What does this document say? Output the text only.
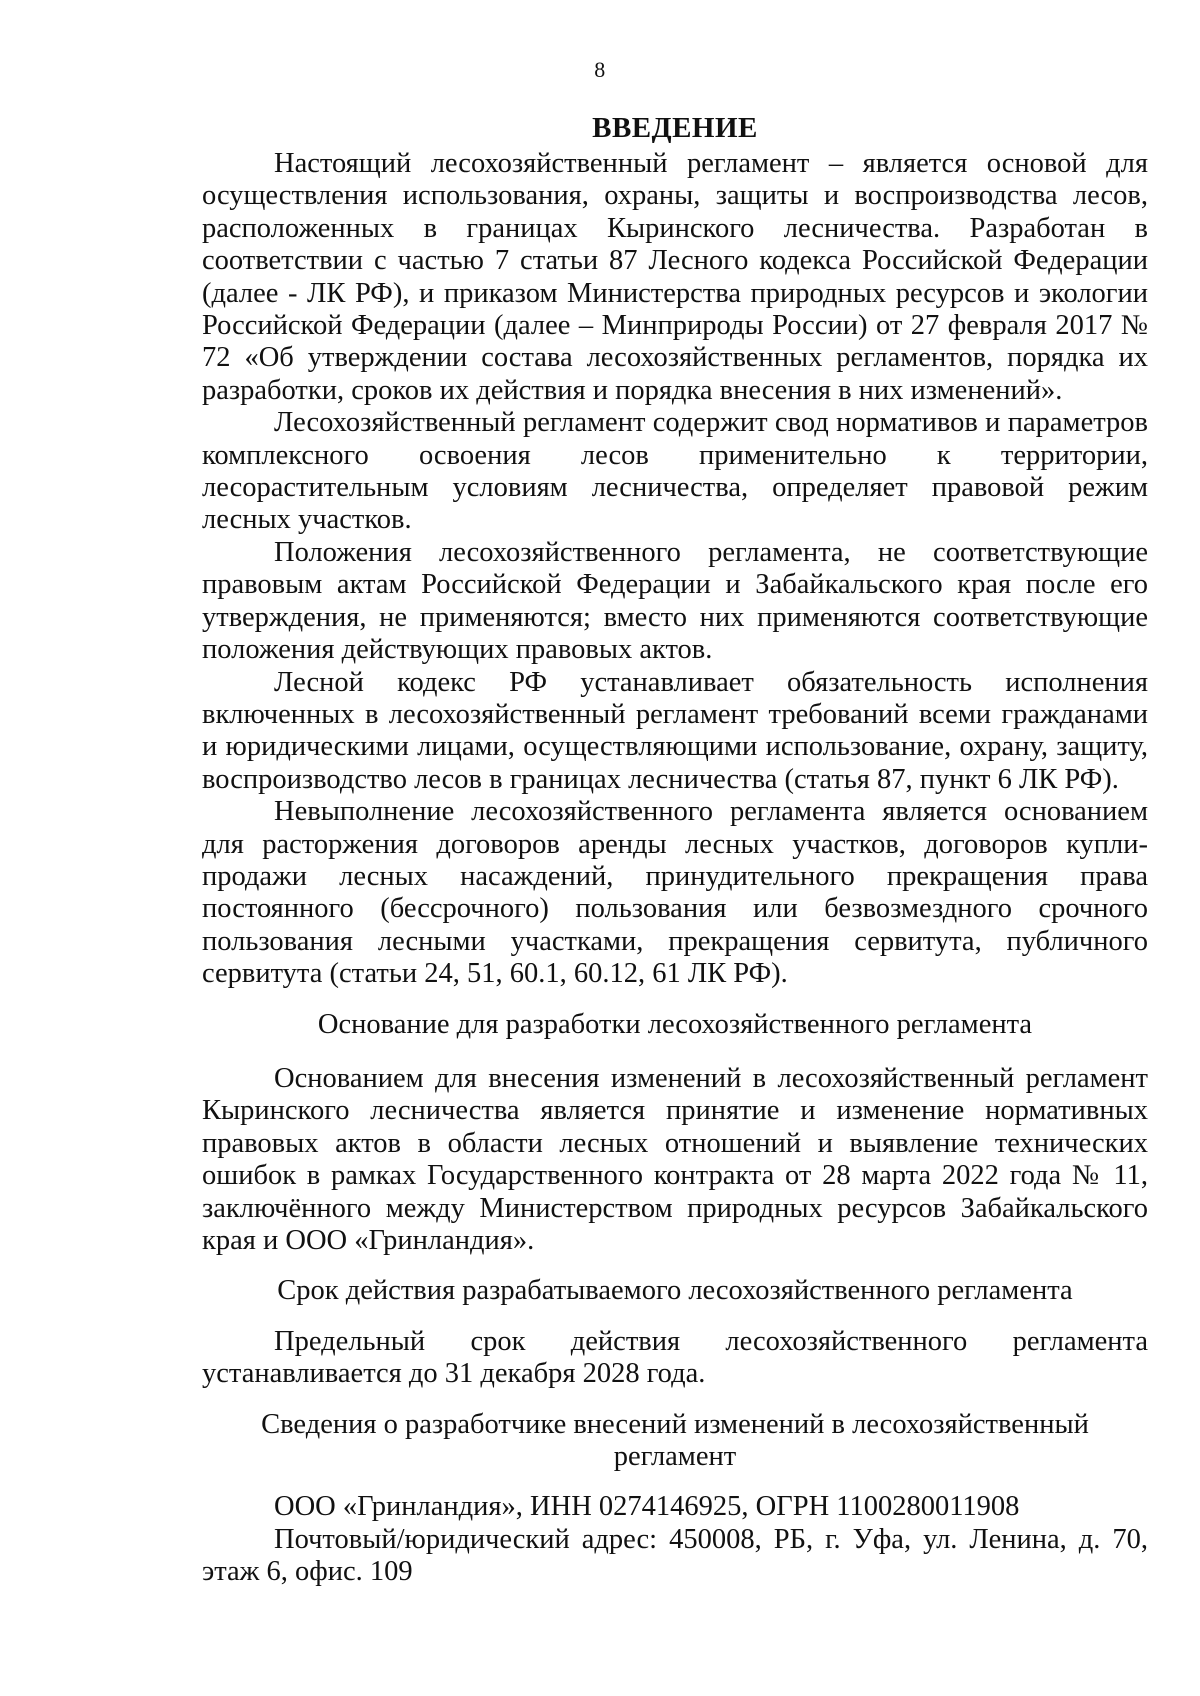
8
ВВЕДЕНИЕ

Настоящий лесохозяйственный регламент – является основой для осуществления использования, охраны, защиты и воспроизводства лесов, расположенных в границах Кыринского лесничества. Разработан в соответствии с частью 7 статьи 87 Лесного кодекса Российской Федерации (далее - ЛК РФ), и приказом Министерства природных ресурсов и экологии Российской Федерации (далее – Минприроды России) от 27 февраля 2017 № 72 «Об утверждении состава лесохозяйственных регламентов, порядка их разработки, сроков их действия и порядка внесения в них изменений».

Лесохозяйственный регламент содержит свод нормативов и параметров комплексного освоения лесов применительно к территории, лесорастительным условиям лесничества, определяет правовой режим лесных участков.

Положения лесохозяйственного регламента, не соответствующие правовым актам Российской Федерации и Забайкальского края после его утверждения, не применяются; вместо них применяются соответствующие положения действующих правовых актов.

Лесной кодекс РФ устанавливает обязательность исполнения включенных в лесохозяйственный регламент требований всеми гражданами и юридическими лицами, осуществляющими использование, охрану, защиту, воспроизводство лесов в границах лесничества (статья 87, пункт 6 ЛК РФ).

Невыполнение лесохозяйственного регламента является основанием для расторжения договоров аренды лесных участков, договоров купли-продажи лесных насаждений, принудительного прекращения права постоянного (бессрочного) пользования или безвозмездного срочного пользования лесными участками, прекращения сервитута, публичного сервитута (статьи 24, 51, 60.1, 60.12, 61 ЛК РФ).

Основание для разработки лесохозяйственного регламента

Основанием для внесения изменений в лесохозяйственный регламент Кыринского лесничества является принятие и изменение нормативных правовых актов в области лесных отношений и выявление технических ошибок в рамках Государственного контракта от 28 марта 2022 года № 11, заключённого между Министерством природных ресурсов Забайкальского края и ООО «Гринландия».

Срок действия разрабатываемого лесохозяйственного регламента

Предельный срок действия лесохозяйственного регламента устанавливается до 31 декабря 2028 года.

Сведения о разработчике внесений изменений в лесохозяйственный регламент

ООО «Гринландия», ИНН 0274146925, ОГРН 1100280011908

Почтовый/юридический адрес: 450008, РБ, г. Уфа, ул. Ленина, д. 70, этаж 6, офис. 109
